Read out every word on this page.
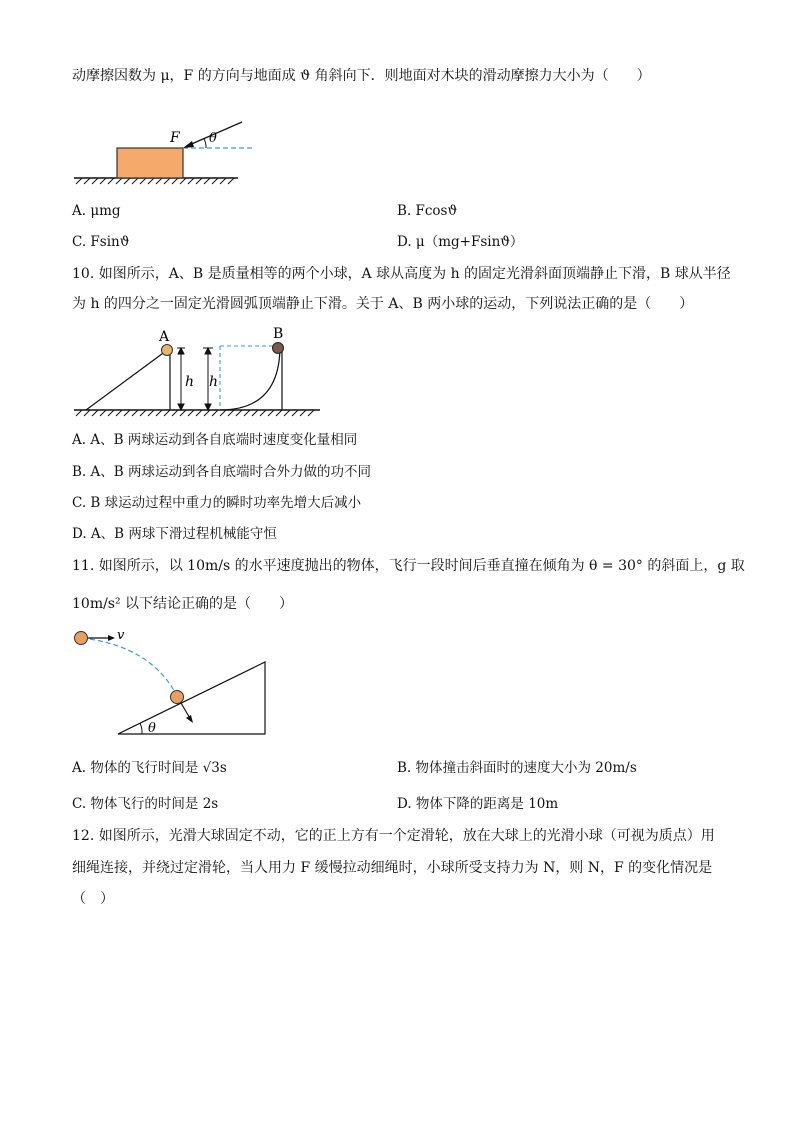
动摩擦因数为 μ，F 的方向与地面成 ϑ 角斜向下．则地面对木块的滑动摩擦力大小为（　　）
F θ
A. μmg	B. Fcosϑ
C. Fsinϑ	D. μ（mg+Fsinϑ）
10. 如图所示，A、B 是质量相等的两个小球，A 球从高度为 h 的固定光滑斜面顶端静止下滑，B 球从半径
为 h 的四分之一固定光滑圆弧顶端静止下滑。关于 A、B 两小球的运动，下列说法正确的是（　　）
A
h h
B
A. A、B 两球运动到各自底端时速度变化量相同
B. A、B 两球运动到各自底端时合外力做的功不同
C. B 球运动过程中重力的瞬时功率先增大后减小
D. A、B 两球下滑过程机械能守恒
11. 如图所示，以 10m/s 的水平速度抛出的物体，飞行一段时间后垂直撞在倾角为 θ = 30° 的斜面上，g 取
10m/s² 以下结论正确的是（　　）
θ
v
A. 物体的飞行时间是 √3s	B. 物体撞击斜面时的速度大小为 20m/s
C. 物体飞行的时间是 2s	D. 物体下降的距离是 10m
12. 如图所示，光滑大球固定不动，它的正上方有一个定滑轮，放在大球上的光滑小球（可视为质点）用
细绳连接，并绕过定滑轮，当人用力 F 缓慢拉动细绳时，小球所受支持力为 N，则 N，F 的变化情况是
（　）
